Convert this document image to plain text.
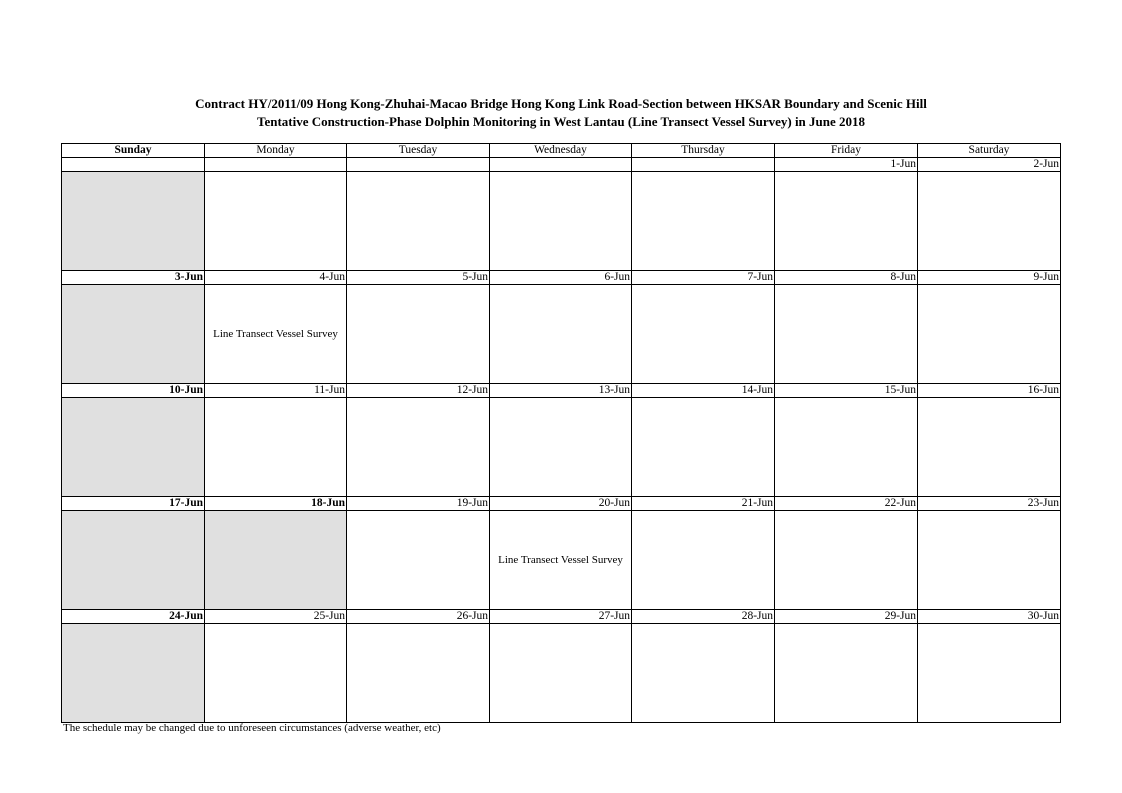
Contract HY/2011/09 Hong Kong-Zhuhai-Macao Bridge Hong Kong Link Road-Section between HKSAR Boundary and Scenic Hill
Tentative Construction-Phase Dolphin Monitoring in West Lantau (Line Transect Vessel Survey) in June 2018
Sunday	Monday	Tuesday	Wednesday	Thursday	Friday	Saturday
					1-Jun	2-Jun

3-Jun	4-Jun	5-Jun	6-Jun	7-Jun	8-Jun	9-Jun
	Line Transect Vessel Survey					
10-Jun	11-Jun	12-Jun	13-Jun	14-Jun	15-Jun	16-Jun

17-Jun	18-Jun	19-Jun	20-Jun	21-Jun	22-Jun	23-Jun
			Line Transect Vessel Survey			
24-Jun	25-Jun	26-Jun	27-Jun	28-Jun	29-Jun	30-Jun

The schedule may be changed due to unforeseen circumstances (adverse weather, etc)
